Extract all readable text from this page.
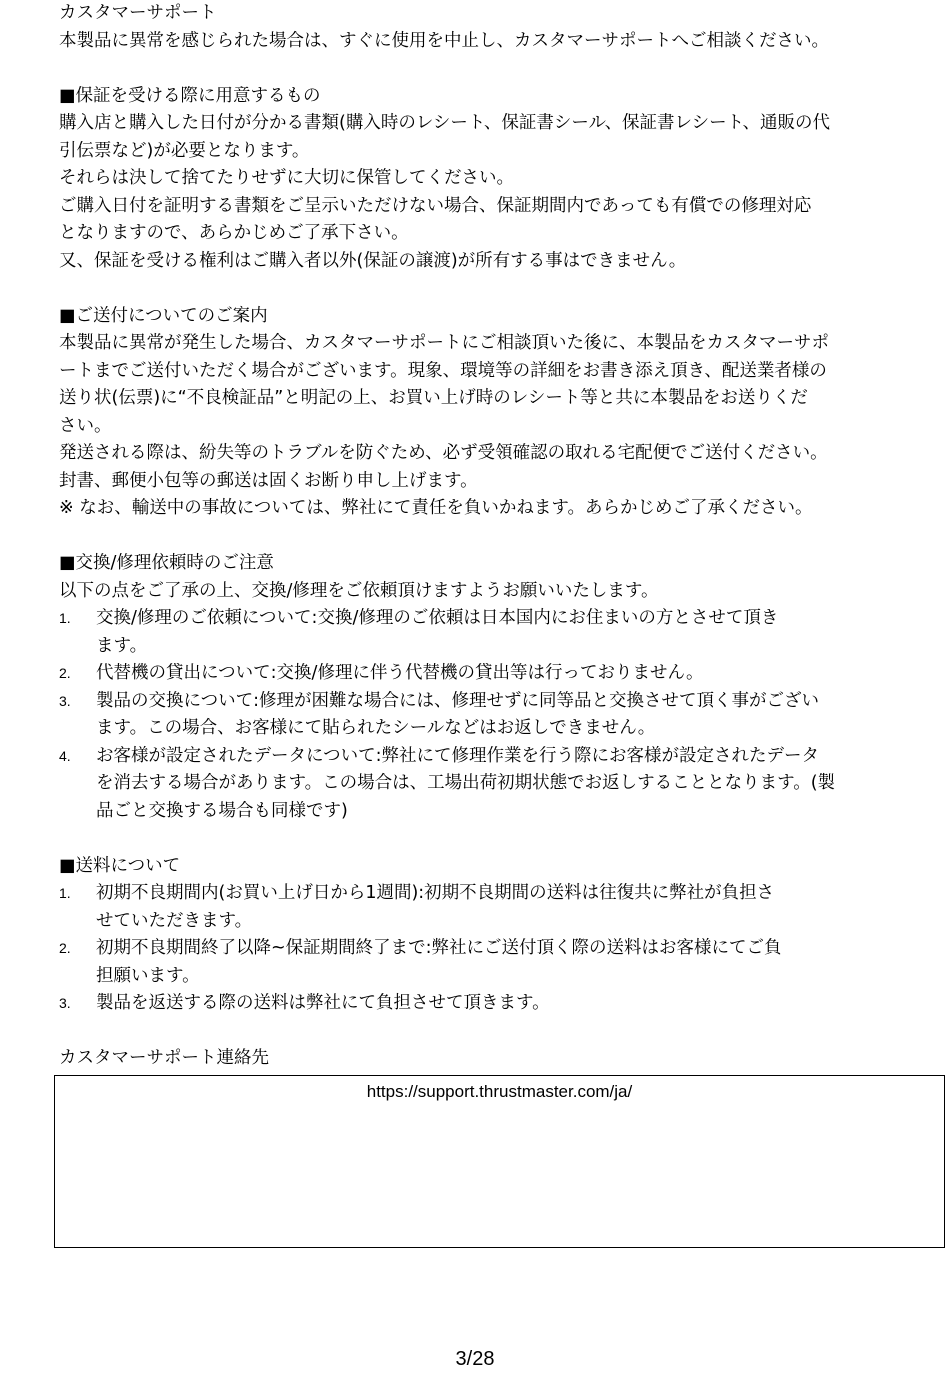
カスタマーサポート

本製品に異常を感じられた場合は、すぐに使用を中止し、カスタマーサポートへご相談ください。

■保証を受ける際に用意するもの

購入店と購入した日付が分かる書類(購入時のレシート、保証書シール、保証書レシート、通販の代

引伝票など)が必要となります。

それらは決して捨てたりせずに大切に保管してください。

ご購入日付を証明する書類をご呈示いただけない場合、保証期間内であっても有償での修理対応

となりますので、あらかじめご了承下さい。

又、保証を受ける権利はご購入者以外(保証の譲渡)が所有する事はできません。

■ご送付についてのご案内

本製品に異常が発生した場合、カスタマーサポートにご相談頂いた後に、本製品をカスタマーサポ

ートまでご送付いただく場合がございます。現象、環境等の詳細をお書き添え頂き、配送業者様の

送り状(伝票)に“不良検証品”と明記の上、お買い上げ時のレシート等と共に本製品をお送りくだ

さい。

発送される際は、紛失等のトラブルを防ぐため、必ず受領確認の取れる宅配便でご送付ください。

封書、郵便小包等の郵送は固くお断り申し上げます。

※ なお、輸送中の事故については、弊社にて責任を負いかねます。あらかじめご了承ください。

■交換/修理依頼時のご注意

以下の点をご了承の上、交換/修理をご依頼頂けますようお願いいたします。

1. 交換/修理のご依頼について:交換/修理のご依頼は日本国内にお住まいの方とさせて頂き
ます。
2. 代替機の貸出について:交換/修理に伴う代替機の貸出等は行っておりません。
3. 製品の交換について:修理が困難な場合には、修理せずに同等品と交換させて頂く事がござい
ます。この場合、お客様にて貼られたシールなどはお返しできません。
4. お客様が設定されたデータについて:弊社にて修理作業を行う際にお客様が設定されたデータ
を消去する場合があります。この場合は、工場出荷初期状態でお返しすることとなります。(製
品ごと交換する場合も同様です)

■送料について

1. 初期不良期間内(お買い上げ日から1週間):初期不良期間の送料は往復共に弊社が負担さ
せていただきます。
2. 初期不良期間終了以降~保証期間終了まで:弊社にご送付頂く際の送料はお客様にてご負
担願います。
3. 製品を返送する際の送料は弊社にて負担させて頂きます。

カスタマーサポート連絡先

https://support.thrustmaster.com/ja/
3/28
